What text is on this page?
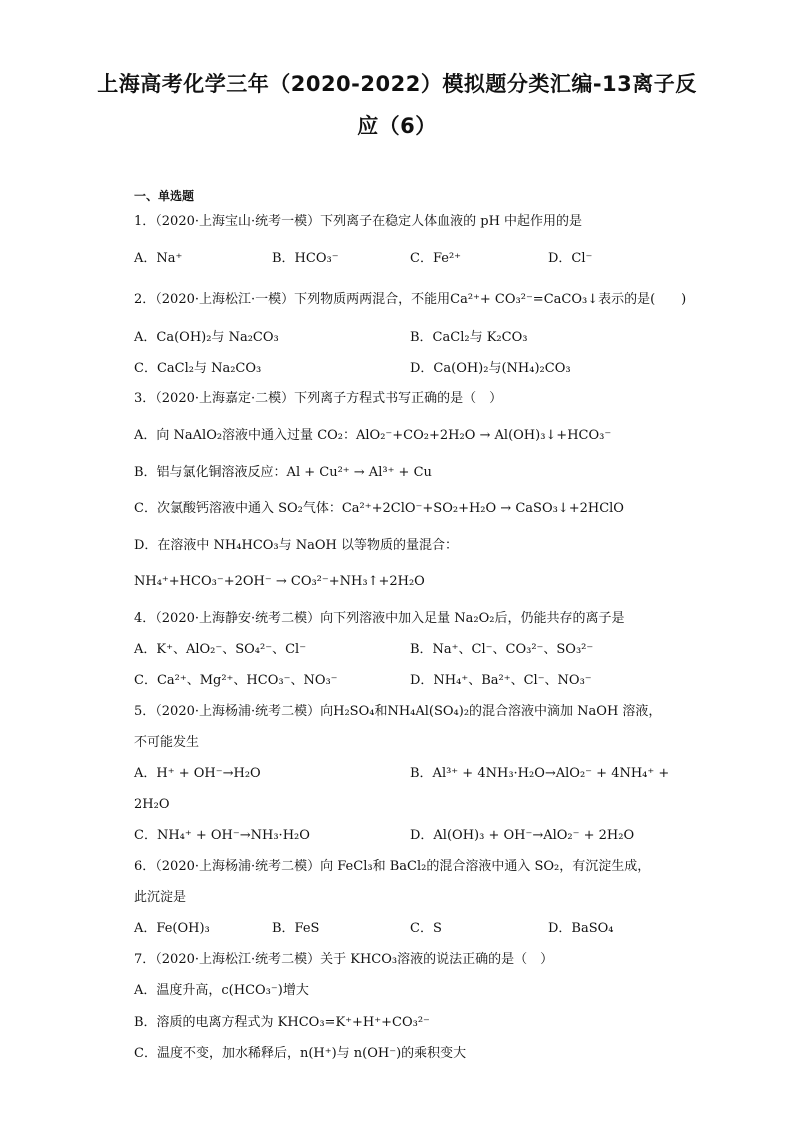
上海高考化学三年（2020-2022）模拟题分类汇编-13离子反
应（6）
一、单选题
1．（2020·上海宝山·统考一模）下列离子在稳定人体血液的 pH 中起作用的是
A．Na⁺	B．HCO₃⁻	C．Fe²⁺	D．Cl⁻
2．（2020·上海松江·一模）下列物质两两混合，不能用Ca²⁺+ CO₃²⁻=CaCO₃↓表示的是(　　)
A．Ca(OH)₂与 Na₂CO₃	B．CaCl₂与 K₂CO₃
C．CaCl₂与 Na₂CO₃	D．Ca(OH)₂与(NH₄)₂CO₃
3．（2020·上海嘉定·二模）下列离子方程式书写正确的是（　）
A．向 NaAlO₂溶液中通入过量 CO₂：AlO₂⁻+CO₂+2H₂O → Al(OH)₃↓+HCO₃⁻
B．铝与氯化铜溶液反应：Al + Cu²⁺ → Al³⁺ + Cu
C．次氯酸钙溶液中通入 SO₂气体：Ca²⁺+2ClO⁻+SO₂+H₂O → CaSO₃↓+2HClO
D．在溶液中 NH₄HCO₃与 NaOH 以等物质的量混合：
NH₄⁺+HCO₃⁻+2OH⁻ → CO₃²⁻+NH₃↑+2H₂O
4．（2020·上海静安·统考二模）向下列溶液中加入足量 Na₂O₂后，仍能共存的离子是
A．K⁺、AlO₂⁻、SO₄²⁻、Cl⁻	B．Na⁺、Cl⁻、CO₃²⁻、SO₃²⁻
C．Ca²⁺、Mg²⁺、HCO₃⁻、NO₃⁻	D．NH₄⁺、Ba²⁺、Cl⁻、NO₃⁻
5．（2020·上海杨浦·统考二模）向H₂SO₄和NH₄Al(SO₄)₂的混合溶液中滴加 NaOH 溶液，
不可能发生
A．H⁺ + OH⁻→H₂O	B．Al³⁺ + 4NH₃·H₂O→AlO₂⁻ + 4NH₄⁺ +
2H₂O
C．NH₄⁺ + OH⁻→NH₃·H₂O	D．Al(OH)₃ + OH⁻→AlO₂⁻ + 2H₂O
6．（2020·上海杨浦·统考二模）向 FeCl₃和 BaCl₂的混合溶液中通入 SO₂，有沉淀生成，
此沉淀是
A．Fe(OH)₃	B．FeS	C．S	D．BaSO₄
7．（2020·上海松江·统考二模）关于 KHCO₃溶液的说法正确的是（　）
A．温度升高，c(HCO₃⁻)增大
B．溶质的电离方程式为 KHCO₃=K⁺+H⁺+CO₃²⁻
C．温度不变，加水稀释后，n(H⁺)与 n(OH⁻)的乘积变大
